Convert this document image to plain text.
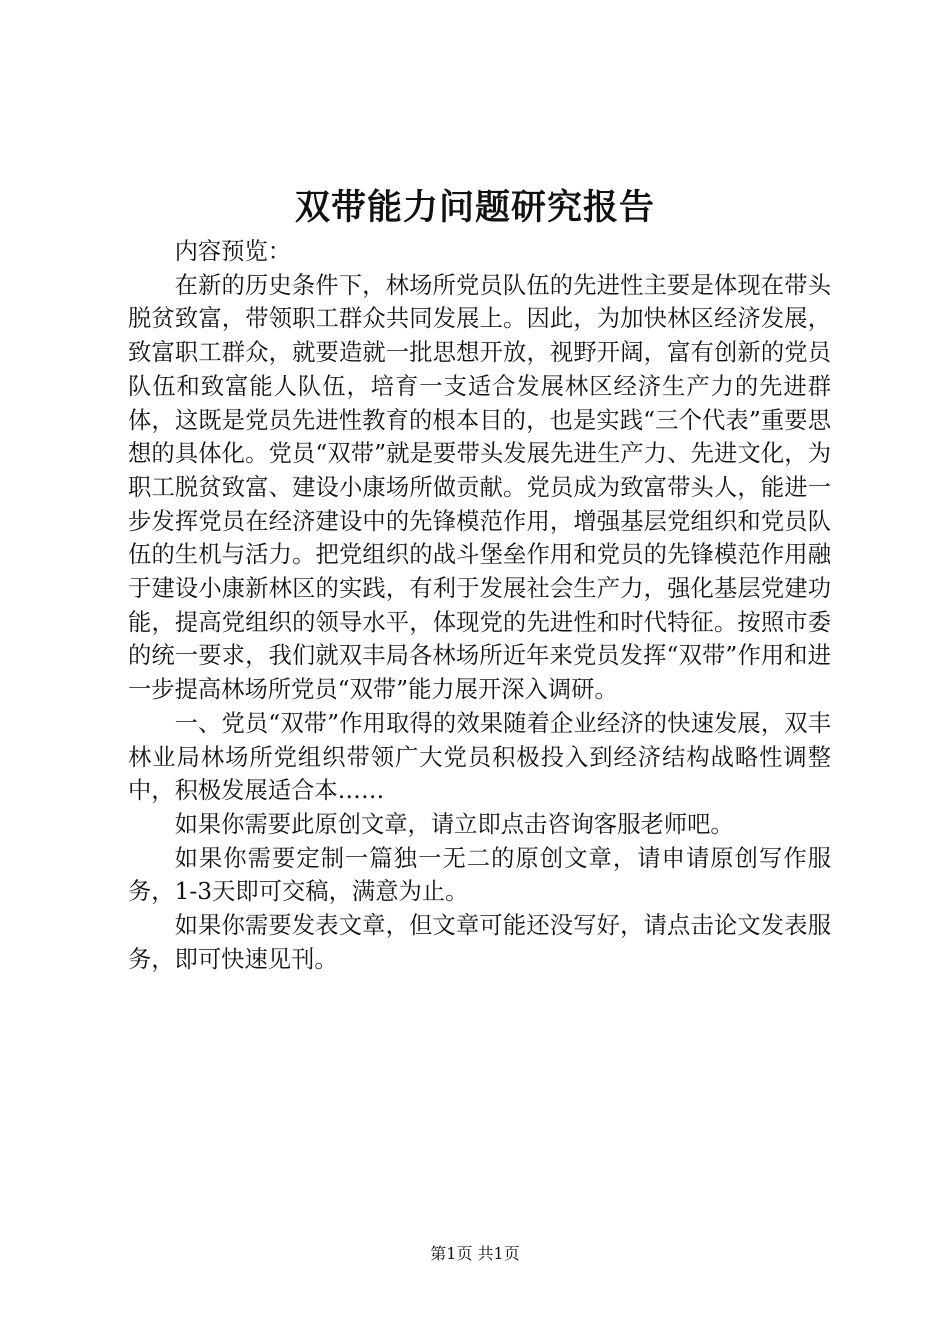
双带能力问题研究报告

内容预览：

在新的历史条件下，林场所党员队伍的先进性主要是体现在带头脱贫致富，带领职工群众共同发展上。因此，为加快林区经济发展，致富职工群众，就要造就一批思想开放，视野开阔，富有创新的党员队伍和致富能人队伍，培育一支适合发展林区经济生产力的先进群体，这既是党员先进性教育的根本目的，也是实践“三个代表”重要思想的具体化。党员“双带”就是要带头发展先进生产力、先进文化，为职工脱贫致富、建设小康场所做贡献。党员成为致富带头人，能进一步发挥党员在经济建设中的先锋模范作用，增强基层党组织和党员队伍的生机与活力。把党组织的战斗堡垒作用和党员的先锋模范作用融于建设小康新林区的实践，有利于发展社会生产力，强化基层党建功能，提高党组织的领导水平，体现党的先进性和时代特征。按照市委的统一要求，我们就双丰局各林场所近年来党员发挥“双带”作用和进一步提高林场所党员“双带”能力展开深入调研。

一、党员“双带”作用取得的效果随着企业经济的快速发展，双丰林业局林场所党组织带领广大党员积极投入到经济结构战略性调整中，积极发展适合本……

如果你需要此原创文章，请立即点击咨询客服老师吧。

如果你需要定制一篇独一无二的原创文章，请申请原创写作服务，1-3天即可交稿，满意为止。

如果你需要发表文章，但文章可能还没写好，请点击论文发表服务，即可快速见刊。

第1页 共1页
